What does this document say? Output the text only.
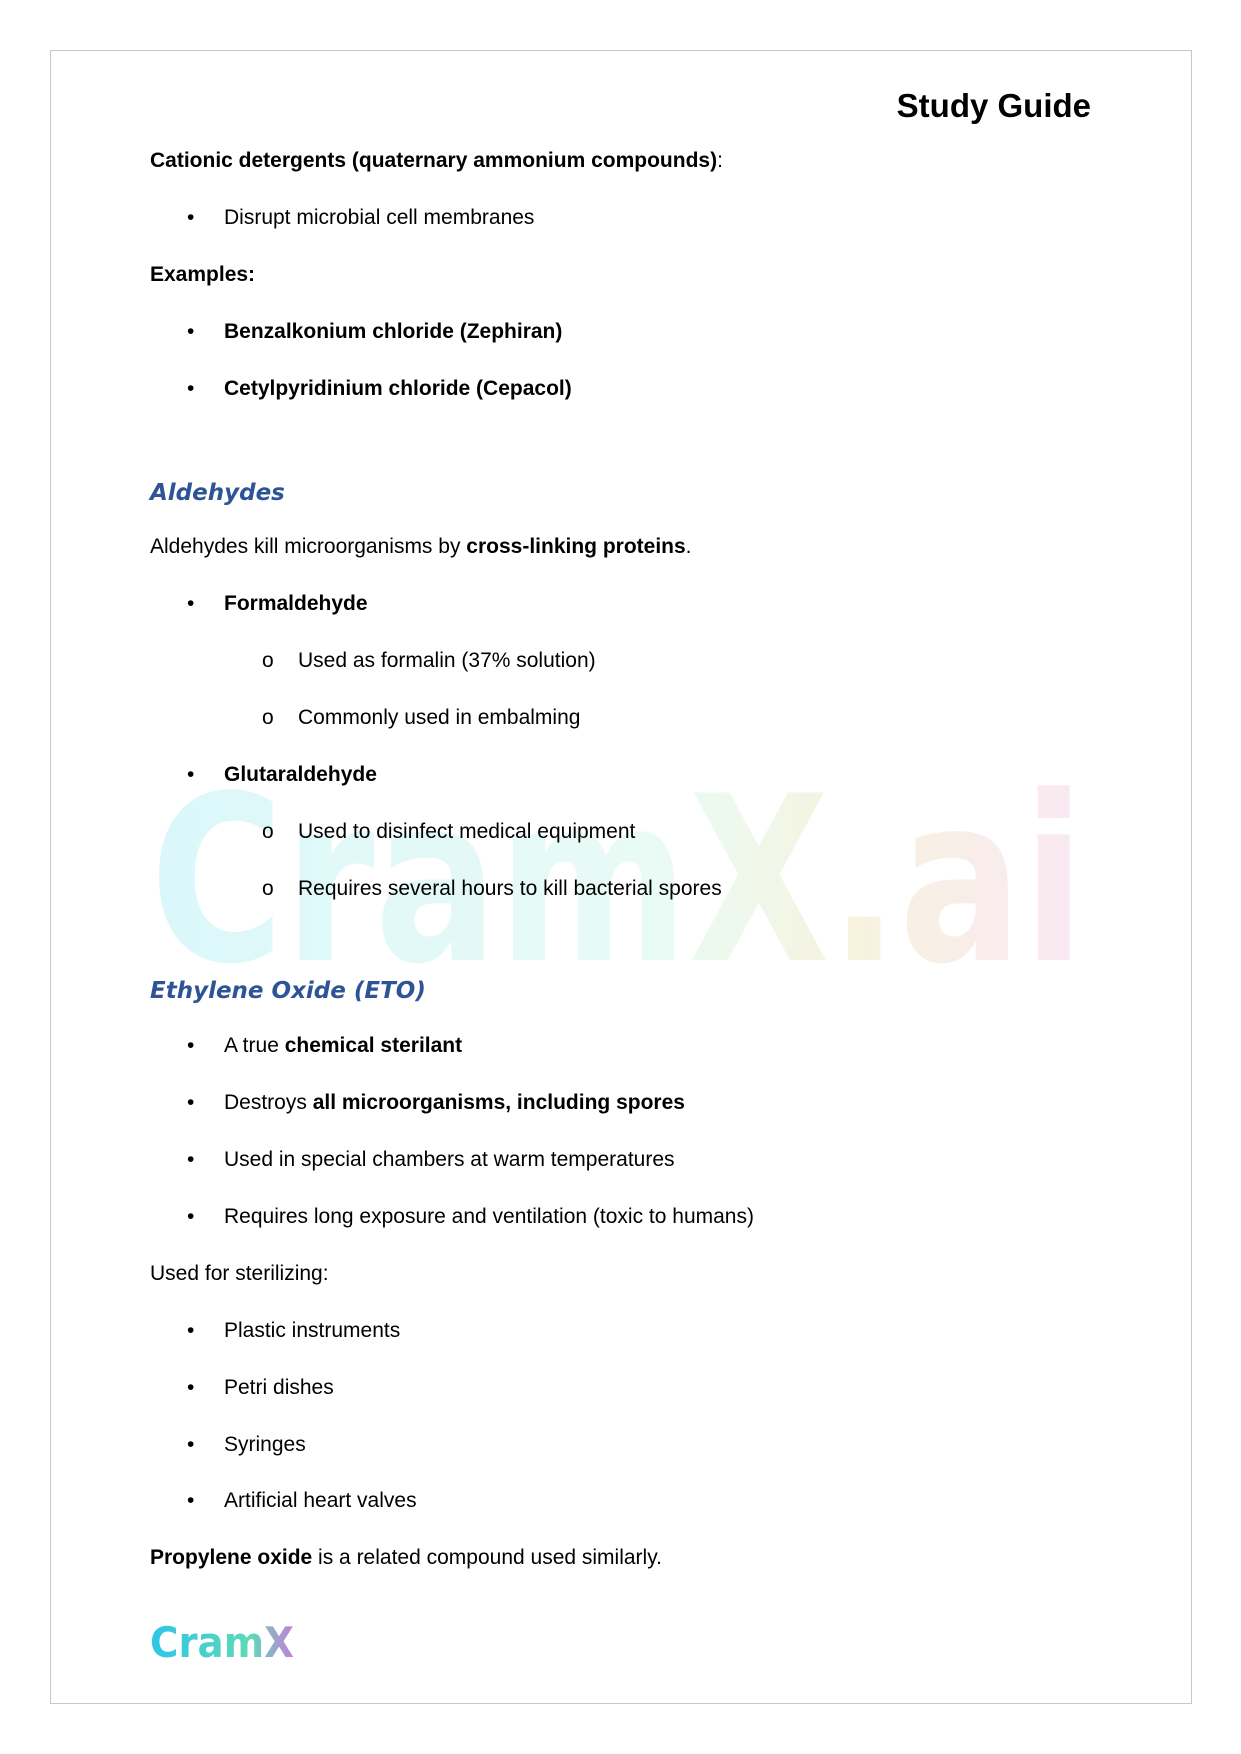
CramX.ai
Study Guide
Cationic detergents (quaternary ammonium compounds):
• Disrupt microbial cell membranes
Examples:
• Benzalkonium chloride (Zephiran)
• Cetylpyridinium chloride (Cepacol)
Aldehydes
Aldehydes kill microorganisms by cross-linking proteins.
• Formaldehyde
o Used as formalin (37% solution)
o Commonly used in embalming
• Glutaraldehyde
o Used to disinfect medical equipment
o Requires several hours to kill bacterial spores
Ethylene Oxide (ETO)
• A true chemical sterilant
• Destroys all microorganisms, including spores
• Used in special chambers at warm temperatures
• Requires long exposure and ventilation (toxic to humans)
Used for sterilizing:
• Plastic instruments
• Petri dishes
• Syringes
• Artificial heart valves
Propylene oxide is a related compound used similarly.
CramX
